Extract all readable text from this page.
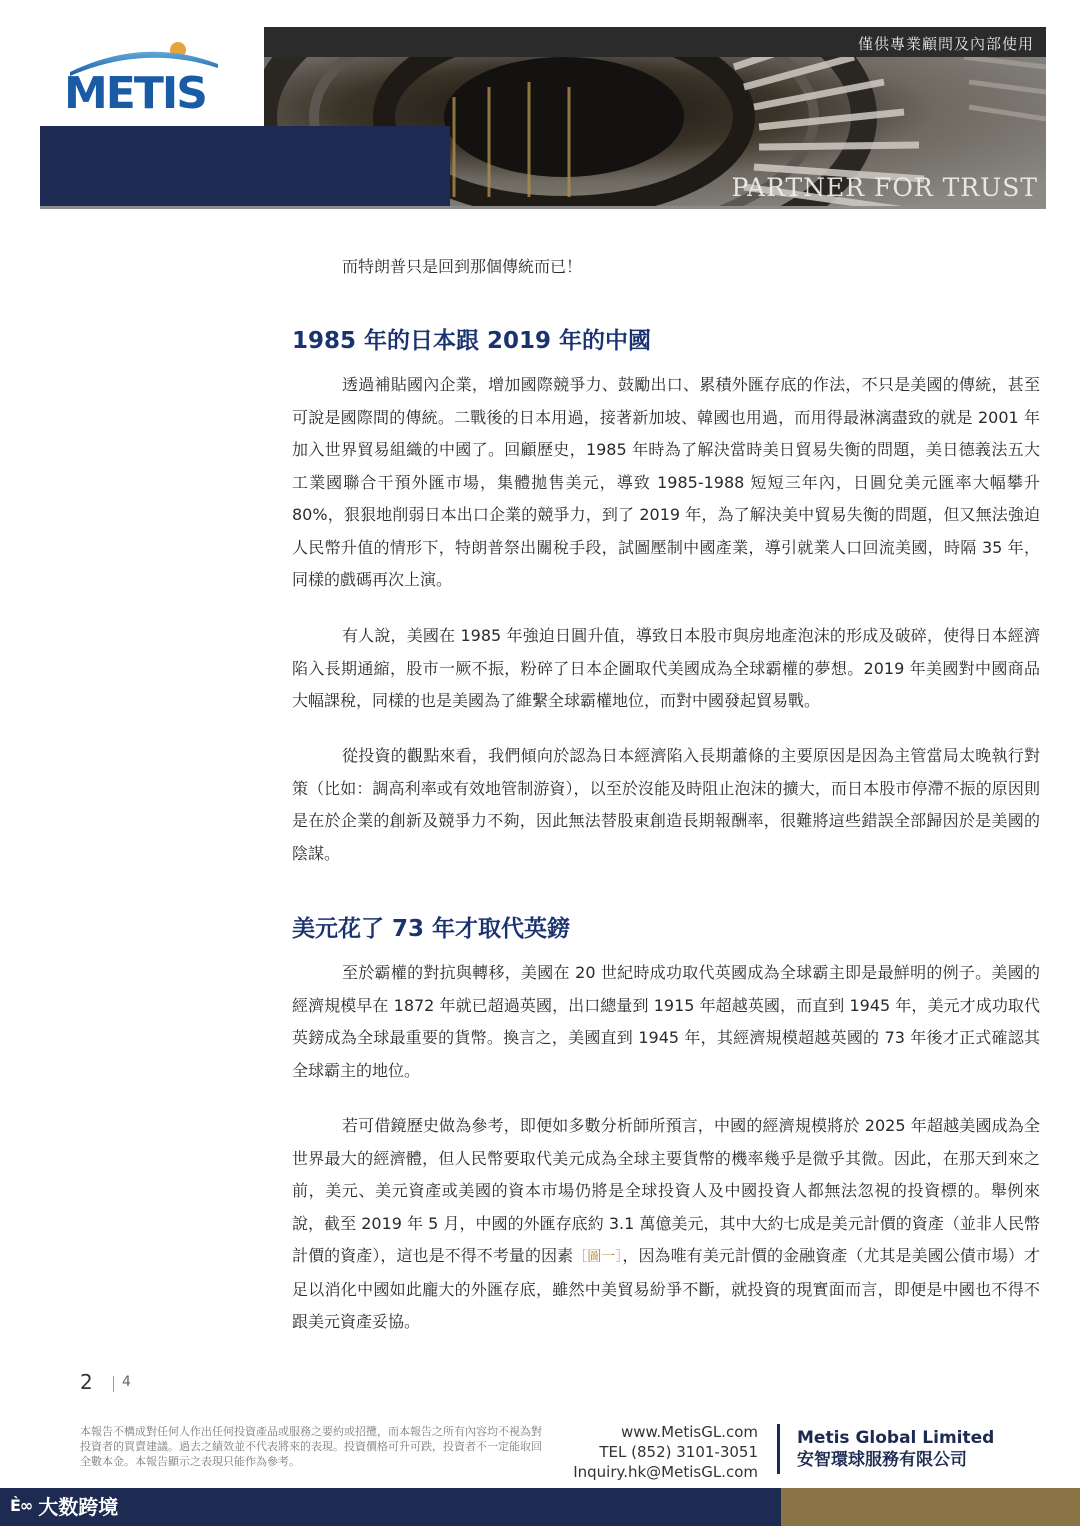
METIS
僅供專業顧問及內部使用
PARTNER FOR TRUST
而特朗普只是回到那個傳統而已！
1985 年的日本跟 2019 年的中國
透過補貼國內企業，增加國際競爭力、鼓勵出口、累積外匯存底的作法，不只是美國的傳統，甚至可說是國際間的傳統。二戰後的日本用過，接著新加坡、韓國也用過，而用得最淋漓盡致的就是 2001 年加入世界貿易組織的中國了。回顧歷史，1985 年時為了解決當時美日貿易失衡的問題，美日德義法五大工業國聯合干預外匯市場，集體拋售美元，導致 1985-1988 短短三年內，日圓兌美元匯率大幅攀升 80%，狠狠地削弱日本出口企業的競爭力，到了 2019 年，為了解決美中貿易失衡的問題，但又無法強迫人民幣升值的情形下，特朗普祭出關稅手段，試圖壓制中國產業，導引就業人口回流美國，時隔 35 年，同樣的戲碼再次上演。
有人說，美國在 1985 年強迫日圓升值，導致日本股市與房地產泡沫的形成及破碎，使得日本經濟陷入長期通縮，股市一厥不振，粉碎了日本企圖取代美國成為全球霸權的夢想。2019 年美國對中國商品大幅課稅，同樣的也是美國為了維繫全球霸權地位，而對中國發起貿易戰。
從投資的觀點來看，我們傾向於認為日本經濟陷入長期蕭條的主要原因是因為主管當局太晚執行對策（比如：調高利率或有效地管制游資），以至於沒能及時阻止泡沫的擴大，而日本股市停滯不振的原因則是在於企業的創新及競爭力不夠，因此無法替股東創造長期報酬率，很難將這些錯誤全部歸因於是美國的陰謀。
美元花了 73 年才取代英鎊
至於霸權的對抗與轉移，美國在 20 世紀時成功取代英國成為全球霸主即是最鮮明的例子。美國的經濟規模早在 1872 年就已超過英國，出口總量到 1915 年超越英國，而直到 1945 年，美元才成功取代英鎊成為全球最重要的貨幣。換言之，美國直到 1945 年，其經濟規模超越英國的 73 年後才正式確認其全球霸主的地位。
若可借鏡歷史做為參考，即便如多數分析師所預言，中國的經濟規模將於 2025 年超越美國成為全世界最大的經濟體，但人民幣要取代美元成為全球主要貨幣的機率幾乎是微乎其微。因此，在那天到來之前，美元、美元資產或美國的資本市場仍將是全球投資人及中國投資人都無法忽視的投資標的。舉例來說，截至 2019 年 5 月，中國的外匯存底約 3.1 萬億美元，其中大約七成是美元計價的資產（並非人民幣計價的資產），這也是不得不考量的因素［圖一］，因為唯有美元計價的金融資產（尤其是美國公債市場）才足以消化中國如此龐大的外匯存底，雖然中美貿易紛爭不斷，就投資的現實面而言，即便是中國也不得不跟美元資產妥協。
2 4
本報告不構成對任何人作出任何投資產品或服務之要約或招攬，而本報告之所有內容均不視為對投資者的買賣建議。過去之績效並不代表將來的表現。投資價格可升可跌，投資者不一定能取回全數本金。本報告顯示之表現只能作為參考。
www.MetisGL.com
TEL (852) 3101-3051
Inquiry.hk@MetisGL.com
Metis Global Limited
安智環球服務有限公司
Ѐ∞ 大数跨境
